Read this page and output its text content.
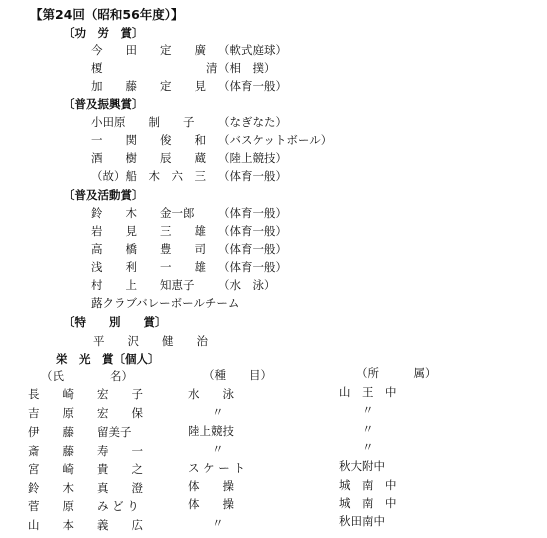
【第24回（昭和56年度）】
〔功　労　賞〕
今　　田　　定　　廣 （軟式庭球）
榎　　　　　　　　　清 （相　撲）
加　　藤　　定　　見 （体育一般）
〔普及振興賞〕
小田原　　制　　子 （なぎなた）
一　　関　　俊　　和 （バスケットボール）
酒　　樹　　辰　　蔵 （陸上競技）
（故）船　木　六　三 （体育一般）
〔普及活動賞〕
鈴　　木　　金一郎 （体育一般）
岩　　見　　三　　雄 （体育一般）
高　　橋　　豊　　司 （体育一般）
浅　　利　　一　　雄 （体育一般）
村　　上　　知恵子 （水　泳）
蕗クラブバレーボールチーム
〔特　　別　　賞〕
平　　沢　　健　　治
栄　光　賞〔個人〕
（氏　　　　名）	（種　　目）	（所　　　属）
長　　崎　　宏　　子	水　　泳	山　王　中
吉　　原　　宏　　保	〃	〃
伊　　藤　　留美子	陸上競技	〃
斎　　藤　　寿　　一	〃	〃
宮　　崎　　貴　　之	ス ケ ー ト	秋大附中
鈴　　木　　真　　澄	体　　操	城　南　中
菅　　原　　み ど り	体　　操	城　南　中
山　　本　　義　　広	〃	秋田南中
